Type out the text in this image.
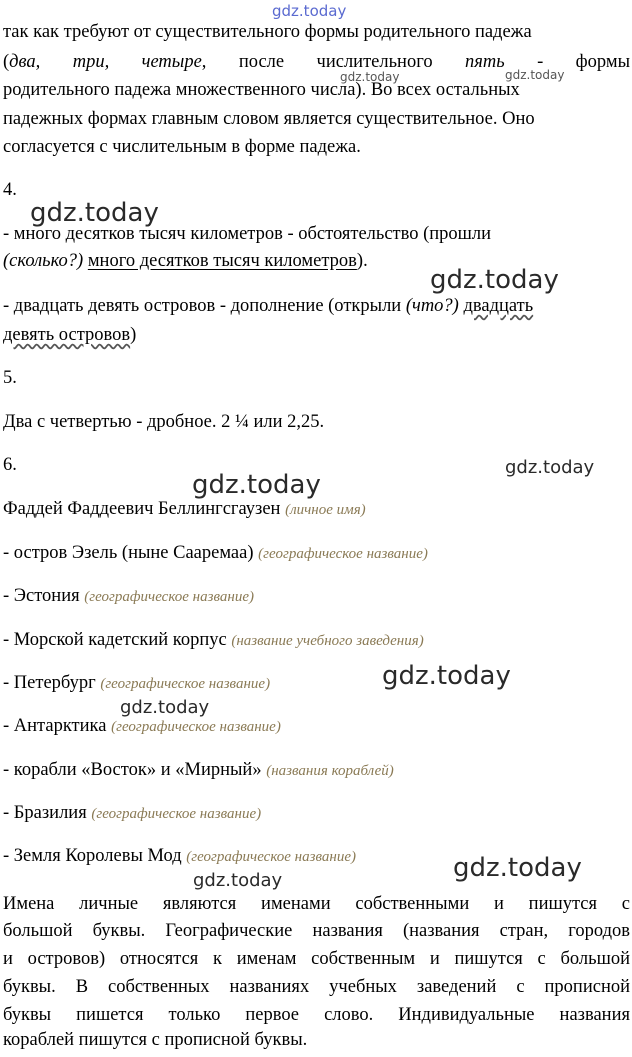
gdz.today
gdz.today	gdz.today
gdz.today
gdz.today
gdz.today
gdz.today
gdz.today
gdz.today
gdz.today
gdz.today
так как требуют от существительного формы родительного падежа
(два, три, четыре, после числительного пять - формы
родительного падежа множественного числа). Во всех остальных
падежных формах главным словом является существительное. Оно
согласуется с числительным в форме падежа.
4.
- много десятков тысяч километров - обстоятельство (прошли
(сколько?) много десятков тысяч километров).
- двадцать девять островов - дополнение (открыли (что?) двадцать
девять островов)
5.
Два с четвертью - дробное. 2 ¼ или 2,25.
6.
Фаддей Фаддеевич Беллингсгаузен (личное имя)
- остров Эзель (ныне Сааремаа) (географическое название)
- Эстония (географическое название)
- Морской кадетский корпус (название учебного заведения)
- Петербург (географическое название)
- Антарктика (географическое название)
- корабли «Восток» и «Мирный» (названия кораблей)
- Бразилия (географическое название)
- Земля Королевы Мод (географическое название)
Имена личные являются именами собственными и пишутся с
большой буквы. Географические названия (названия стран, городов
и островов) относятся к именам собственным и пишутся с большой
буквы. В собственных названиях учебных заведений с прописной
буквы пишется только первое слово. Индивидуальные названия
кораблей пишутся с прописной буквы.
